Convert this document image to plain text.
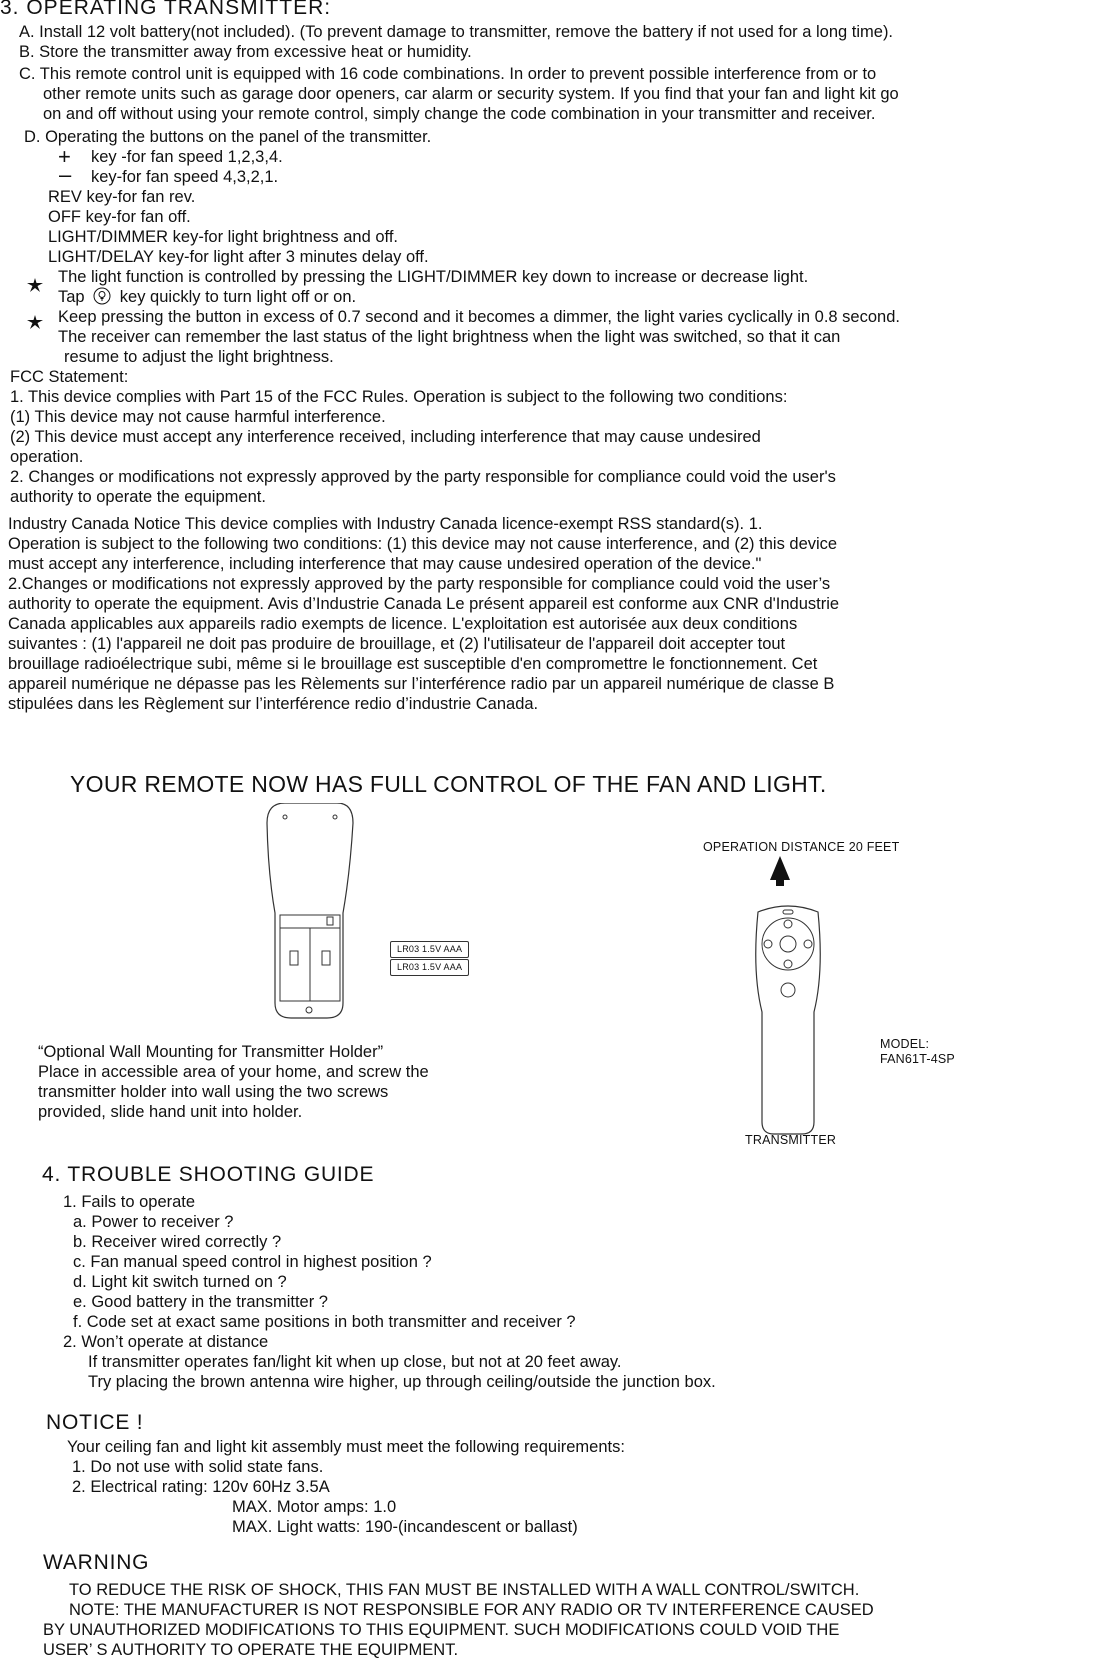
3. OPERATING TRANSMITTER:
A. Install 12 volt battery(not included). (To prevent damage to transmitter, remove the battery if not used for a long time).
B. Store the transmitter away from excessive heat or humidity.
C. This remote control unit is equipped with 16 code combinations. In order to prevent possible interference from or to
other remote units such as garage door openers, car alarm or security system. If you find that your fan and light kit go
on and off without using your remote control, simply change the code combination in your transmitter and receiver.
D. Operating the buttons on the panel of the transmitter.
+ key -for fan speed 1,2,3,4.
– key-for fan speed 4,3,2,1.
REV key-for fan rev.
OFF key-for fan off.
LIGHT/DIMMER key-for light brightness and off.
LIGHT/DELAY key-for light after 3 minutes delay off.
The light function is controlled by pressing the LIGHT/DIMMER key down to increase or decrease light.
Tap key quickly to turn light off or on.
Keep pressing the button in excess of 0.7 second and it becomes a dimmer, the light varies cyclically in 0.8 second.
The receiver can remember the last status of the light brightness when the light was switched, so that it can
resume to adjust the light brightness.
FCC Statement:
1. This device complies with Part 15 of the FCC Rules. Operation is subject to the following two conditions:
(1) This device may not cause harmful interference.
(2) This device must accept any interference received, including interference that may cause undesired
operation.
2. Changes or modifications not expressly approved by the party responsible for compliance could void the user's
authority to operate the equipment.
Industry Canada Notice This device complies with Industry Canada licence-exempt RSS standard(s). 1.
Operation is subject to the following two conditions: (1) this device may not cause interference, and (2) this device
must accept any interference, including interference that may cause undesired operation of the device."
2.Changes or modifications not expressly approved by the party responsible for compliance could void the user’s
authority to operate the equipment. Avis d’Industrie Canada Le présent appareil est conforme aux CNR d'Industrie
Canada applicables aux appareils radio exempts de licence. L'exploitation est autorisée aux deux conditions
suivantes : (1) l'appareil ne doit pas produire de brouillage, et (2) l'utilisateur de l'appareil doit accepter tout
brouillage radioélectrique subi, même si le brouillage est susceptible d'en compromettre le fonctionnement. Cet
appareil numérique ne dépasse pas les Rèlements sur l’interférence radio par un appareil numérique de classe B
stipulées dans les Règlement sur l’interférence redio d’industrie Canada.
YOUR REMOTE NOW HAS FULL CONTROL OF THE FAN AND LIGHT.
LR03 1.5V AAA
LR03 1.5V AAA
“Optional Wall Mounting for Transmitter Holder”
Place in accessible area of your home, and screw the
transmitter holder into wall using the two screws
provided, slide hand unit into holder.
OPERATION DISTANCE 20 FEET
MODEL:
FAN61T-4SP
TRANSMITTER
4. TROUBLE SHOOTING GUIDE
1. Fails to operate
a. Power to receiver ?
b. Receiver wired correctly ?
c. Fan manual speed control in highest position ?
d. Light kit switch turned on ?
e. Good battery in the transmitter ?
f. Code set at exact same positions in both transmitter and receiver ?
2. Won’t operate at distance
If transmitter operates fan/light kit when up close, but not at 20 feet away.
Try placing the brown antenna wire higher, up through ceiling/outside the junction box.
NOTICE !
Your ceiling fan and light kit assembly must meet the following requirements:
1. Do not use with solid state fans.
2. Electrical rating: 120v 60Hz 3.5A
MAX. Motor amps: 1.0
MAX. Light watts: 190-(incandescent or ballast)
WARNING
TO REDUCE THE RISK OF SHOCK, THIS FAN MUST BE INSTALLED WITH A WALL CONTROL/SWITCH.
NOTE: THE MANUFACTURER IS NOT RESPONSIBLE FOR ANY RADIO OR TV INTERFERENCE CAUSED
BY UNAUTHORIZED MODIFICATIONS TO THIS EQUIPMENT. SUCH MODIFICATIONS COULD VOID THE
USER’ S AUTHORITY TO OPERATE THE EQUIPMENT.
